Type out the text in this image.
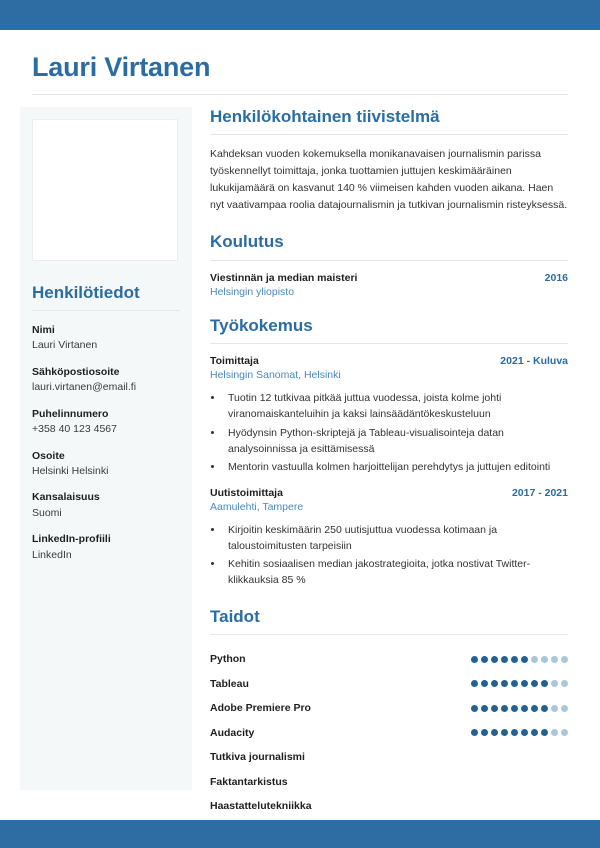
Lauri Virtanen
Henkilötiedot
Nimi
Lauri Virtanen
Sähköpostiosoite
lauri.virtanen@email.fi
Puhelinnumero
+358 40 123 4567
Osoite
Helsinki Helsinki
Kansalaisuus
Suomi
LinkedIn-profiili
LinkedIn
Henkilökohtainen tiivistelmä

Kahdeksan vuoden kokemuksella monikanavaisen journalismin parissa työskennellyt toimittaja, jonka tuottamien juttujen keskimääräinen lukukijamäärä on kasvanut 140 % viimeisen kahden vuoden aikana. Haen nyt vaativampaa roolia datajournalismin ja tutkivan journalismin risteyksessä.

Koulutus
Viestinnän ja median maisteri	2016
Helsingin yliopisto
Työkokemus
Toimittaja	2021 - Kuluva
Helsingin Sanomat, Helsinki
• Tuotin 12 tutkivaa pitkää juttua vuodessa, joista kolme johti viranomaiskanteluihin ja kaksi lainsäädäntökeskusteluun
• Hyödynsin Python-skriptejä ja Tableau-visualisointeja datan analysoinnissa ja esittämisessä
• Mentorin vastuulla kolmen harjoittelijan perehdytys ja juttujen editointi
Uutistoimittaja	2017 - 2021
Aamulehti, Tampere
• Kirjoitin keskimäärin 250 uutisjuttua vuodessa kotimaan ja taloustoimitusten tarpeisiin
• Kehitin sosiaalisen median jakostrategioita, jotka nostivat Twitter-klikkauksia 85 %
Taidot
Python
Tableau
Adobe Premiere Pro
Audacity
Tutkiva journalismi
Faktantarkistus
Haastattelutekniikka
